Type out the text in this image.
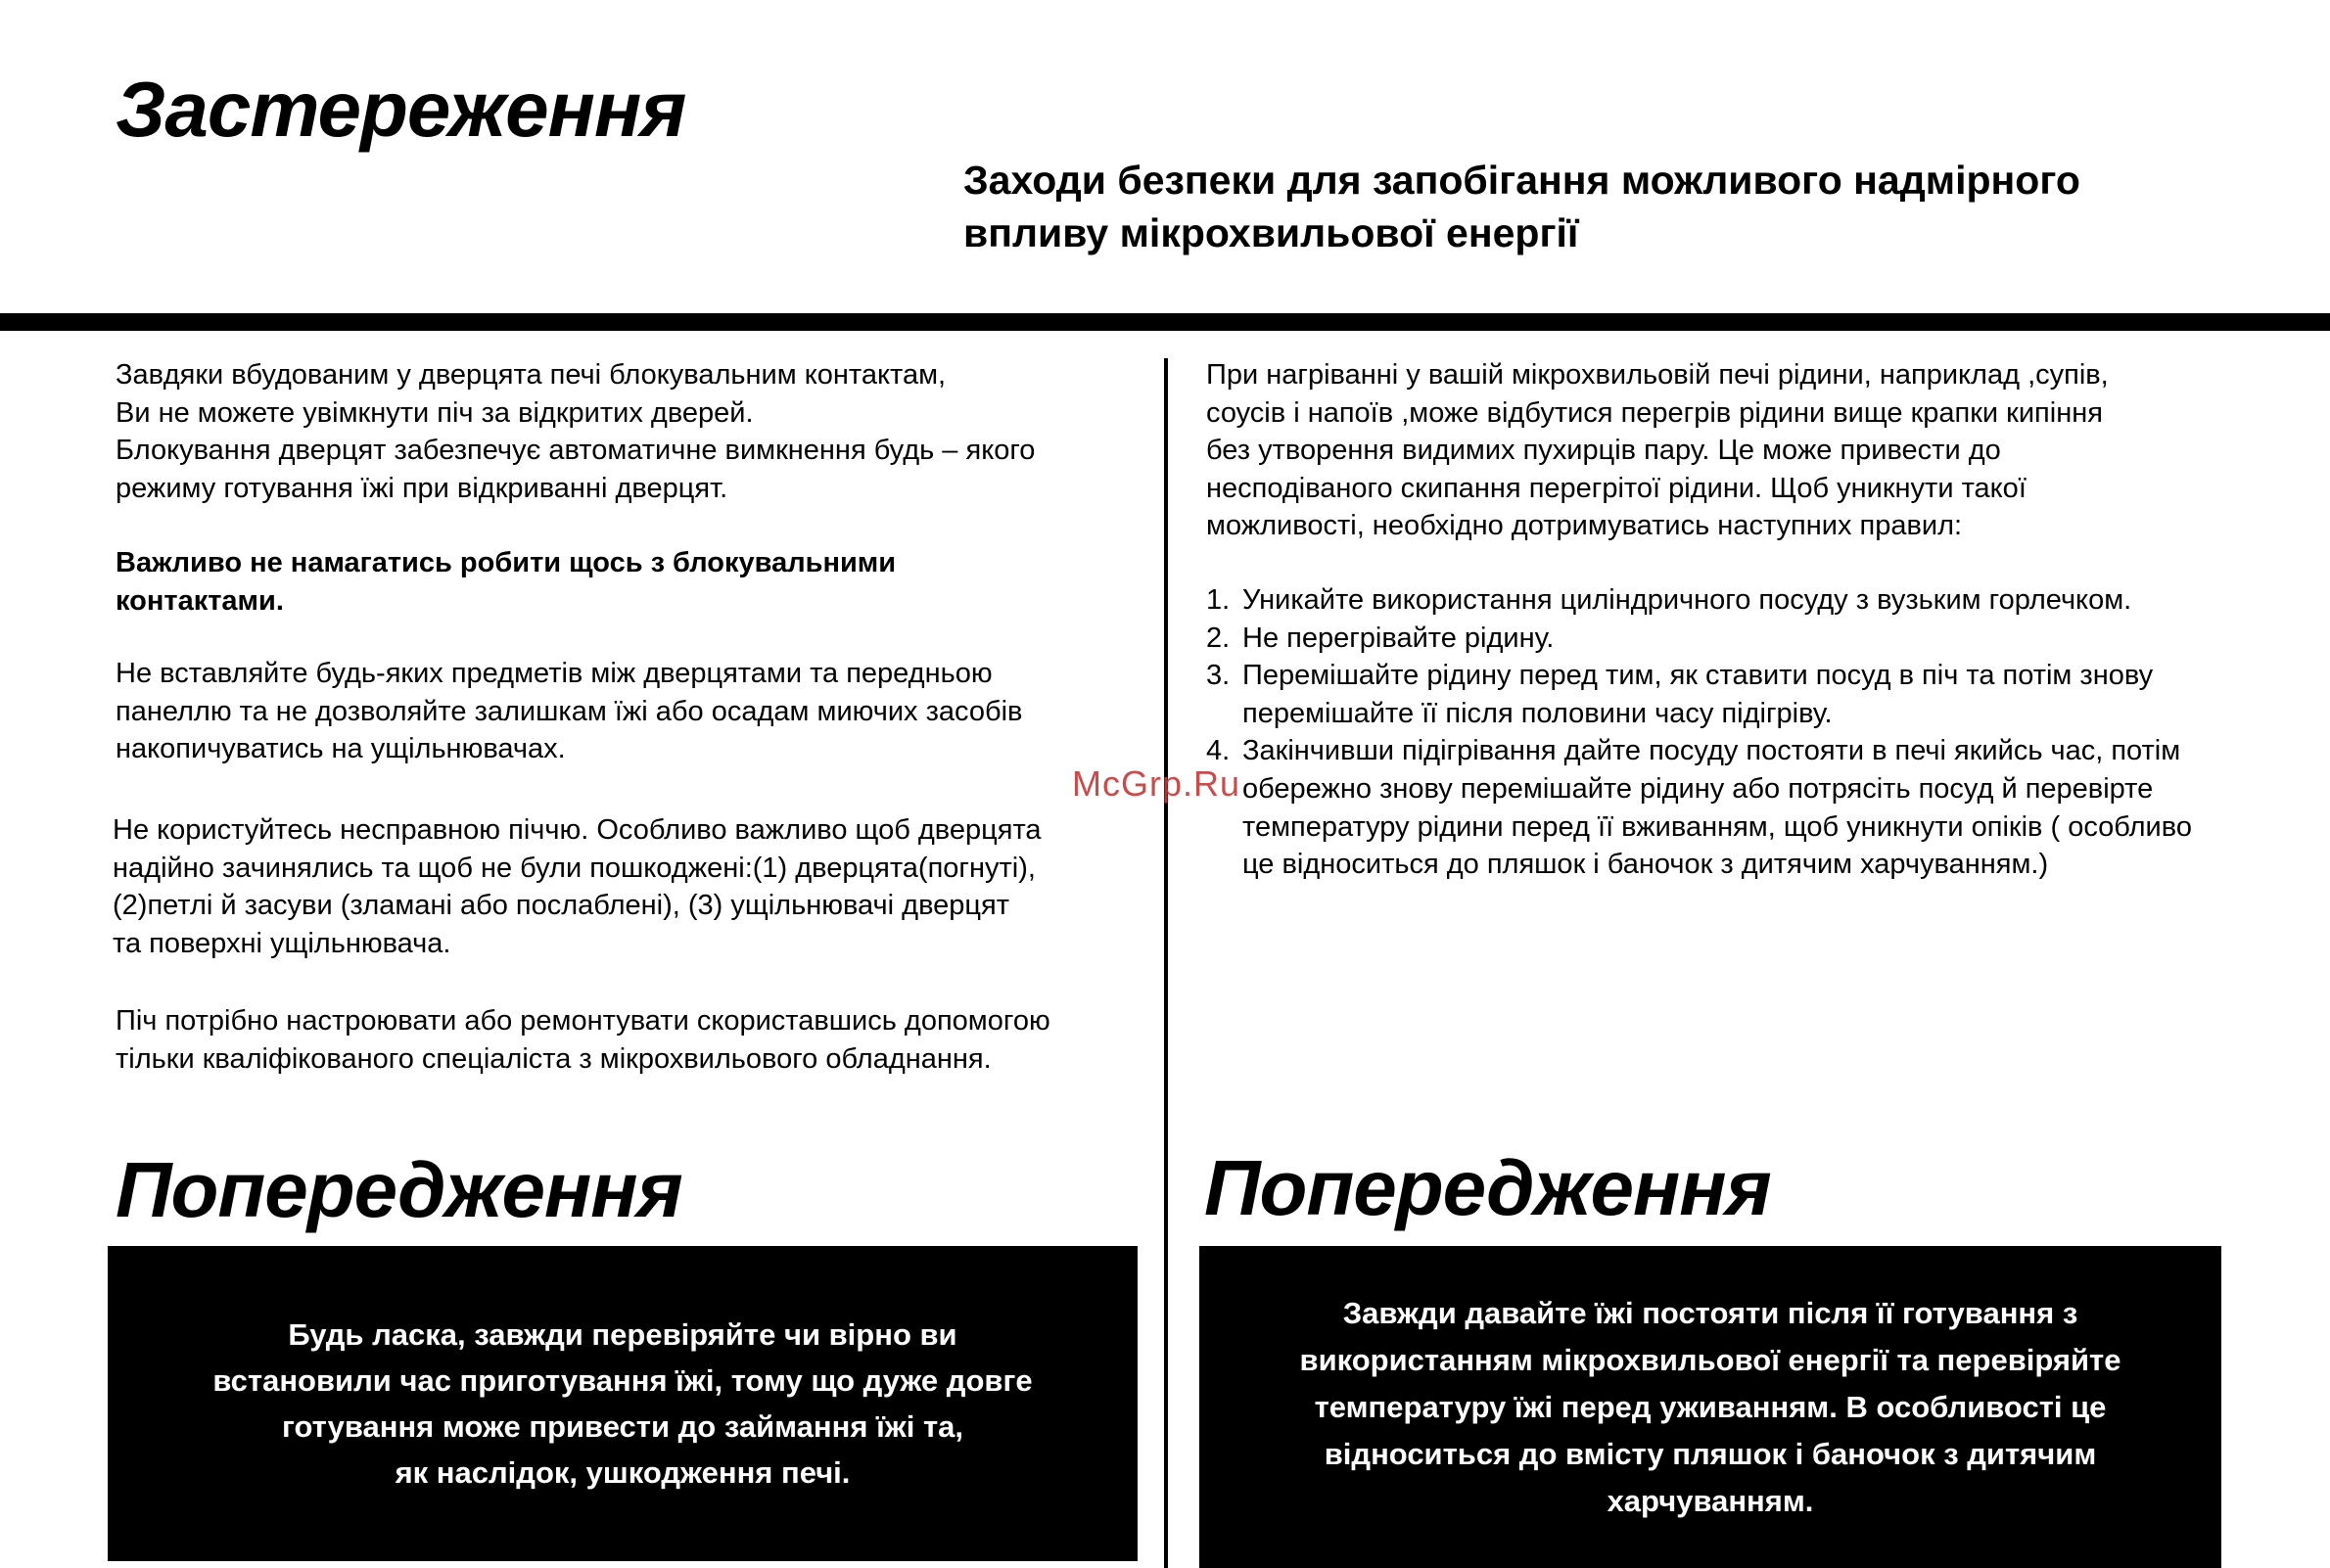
Застереження
Заходи безпеки для запобігання можливого надмірного
впливу мікрохвильової енергії
Завдяки вбудованим у дверцята печі блокувальним контактам,
Ви не можете увімкнути піч за відкритих дверей.
Блокування дверцят забезпечує автоматичне вимкнення будь – якого
режиму готування їжі при відкриванні дверцят.
Важливо не намагатись робити щось з блокувальними
контактами.
Не вставляйте будь-яких предметів між дверцятами та передньою
панеллю та не дозволяйте залишкам їжі або осадам миючих засобів
накопичуватись на ущільнювачах.
Не користуйтесь несправною піччю. Особливо важливо щоб дверцята
надійно зачинялись та щоб не були пошкоджені:(1) дверцята(погнуті),
(2)петлі й засуви (зламані або послаблені), (3) ущільнювачі дверцят
та поверхні ущільнювача.
Піч потрібно настроювати або ремонтувати скориставшись допомогою
тільки кваліфікованого спеціаліста з мікрохвильового обладнання.
Попередження
Будь ласка, завжди перевіряйте чи вірно ви
встановили час приготування їжі, тому що дуже довге
готування може привести до займання їжі та,
як наслідок, ушкодження печі.
При нагріванні у вашій мікрохвильовій печі рідини, наприклад ,супів,
соусів і напоїв ,може відбутися перегрів рідини вище крапки кипіння
без утворення видимих пухирців пару. Це може привести до
несподіваного скипання перегрітої рідини. Щоб уникнути такої
можливості, необхідно дотримуватись наступних правил:
1. Уникайте використання циліндричного посуду з вузьким горлечком.
2. Не перегрівайте рідину.
3. Перемішайте рідину перед тим, як ставити посуд в піч та потім знову
перемішайте її після половини часу підігріву.
4. Закінчивши підігрівання дайте посуду постояти в печі якийсь час, потім
обережно знову перемішайте рідину або потрясіть посуд й перевірте
температуру рідини перед її вживанням, щоб уникнути опіків ( особливо
це відноситься до пляшок і баночок з дитячим харчуванням.)
Попередження
Завжди давайте їжі постояти після її готування з
використанням мікрохвильової енергії та перевіряйте
температуру їжі перед уживанням. В особливості це
відноситься до вмісту пляшок і баночок з дитячим
харчуванням.
McGrp.Ru
